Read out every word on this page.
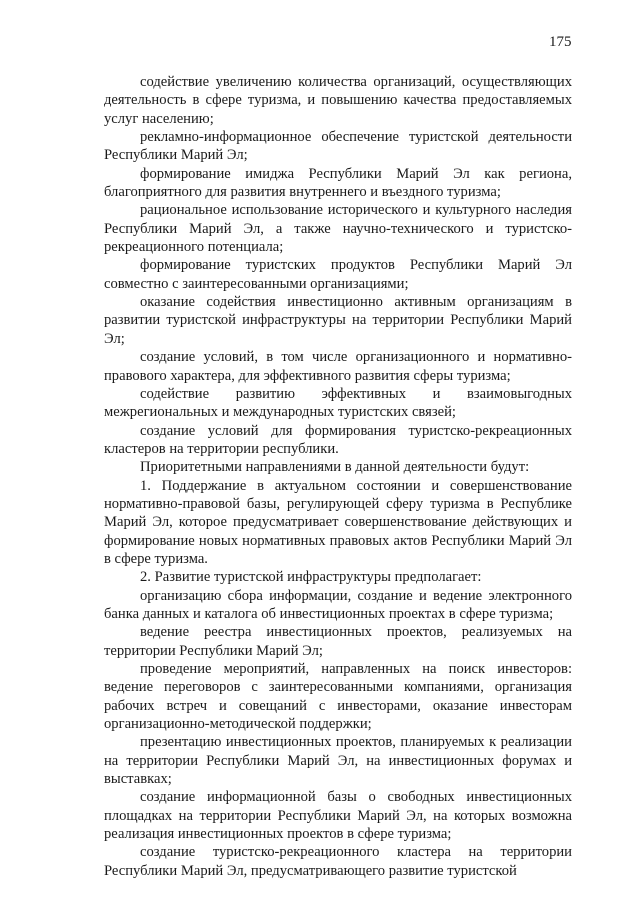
175

содействие увеличению количества организаций, осуществляющих деятельность в сфере туризма, и повышению качества предоставляемых услуг населению;

рекламно-информационное обеспечение туристской деятельности Республики Марий Эл;

формирование имиджа Республики Марий Эл как региона, благоприятного для развития внутреннего и въездного туризма;

рациональное использование исторического и культурного наследия Республики Марий Эл, а также научно-технического и туристско-рекреационного потенциала;

формирование туристских продуктов Республики Марий Эл совместно с заинтересованными организациями;

оказание содействия инвестиционно активным организациям в развитии туристской инфраструктуры на территории Республики Марий Эл;

создание условий, в том числе организационного и нормативно-правового характера, для эффективного развития сферы туризма;

содействие развитию эффективных и взаимовыгодных межрегиональных и международных туристских связей;

создание условий для формирования туристско-рекреационных кластеров на территории республики.

Приоритетными направлениями в данной деятельности будут:

1. Поддержание в актуальном состоянии и совершенствование нормативно-правовой базы, регулирующей сферу туризма в Республике Марий Эл, которое предусматривает совершенствование действующих и формирование новых нормативных правовых актов Республики Марий Эл в сфере туризма.

2. Развитие туристской инфраструктуры предполагает:

организацию сбора информации, создание и ведение электронного банка данных и каталога об инвестиционных проектах в сфере туризма;

ведение реестра инвестиционных проектов, реализуемых на территории Республики Марий Эл;

проведение мероприятий, направленных на поиск инвесторов: ведение переговоров с заинтересованными компаниями, организация рабочих встреч и совещаний с инвесторами, оказание инвесторам организационно-методической поддержки;

презентацию инвестиционных проектов, планируемых к реализации на территории Республики Марий Эл, на инвестиционных форумах и выставках;

создание информационной базы о свободных инвестиционных площадках на территории Республики Марий Эл, на которых возможна реализация инвестиционных проектов в сфере туризма;

создание туристско-рекреационного кластера на территории Республики Марий Эл, предусматривающего развитие туристской
